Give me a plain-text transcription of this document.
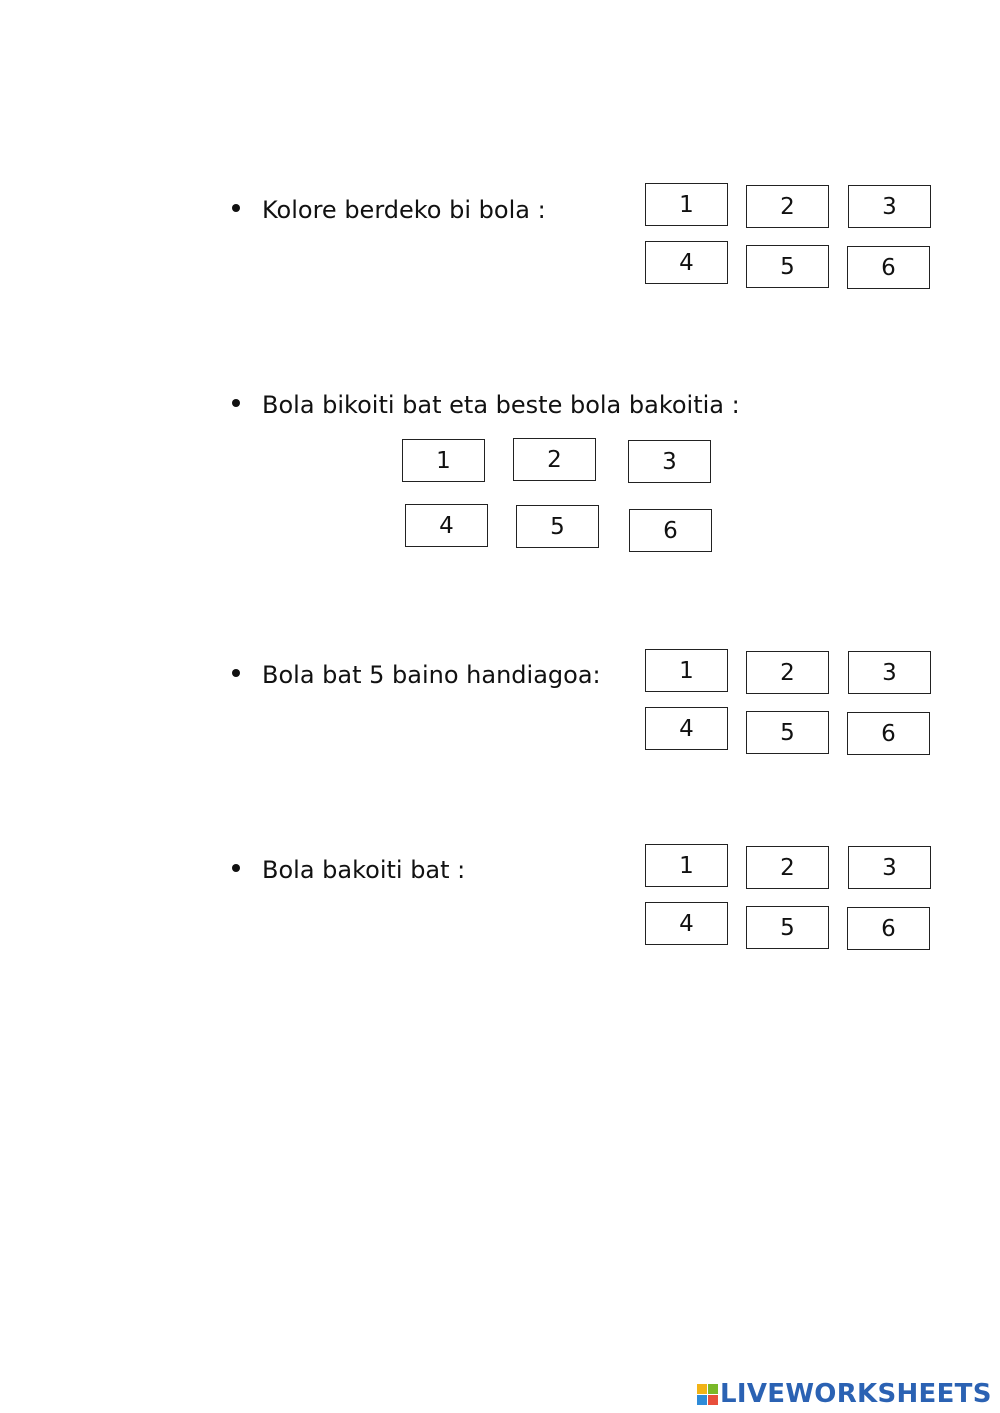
Kolore berdeko bi bola :	1	2	3
4	5	6
Bola bikoiti bat eta beste bola bakoitia :
1	2	3
4	5	6
Bola bat 5 baino handiagoa:	1	2	3
4	5	6
Bola bakoiti bat :	1	2	3
4	5	6
LIVEWORKSHEETS
